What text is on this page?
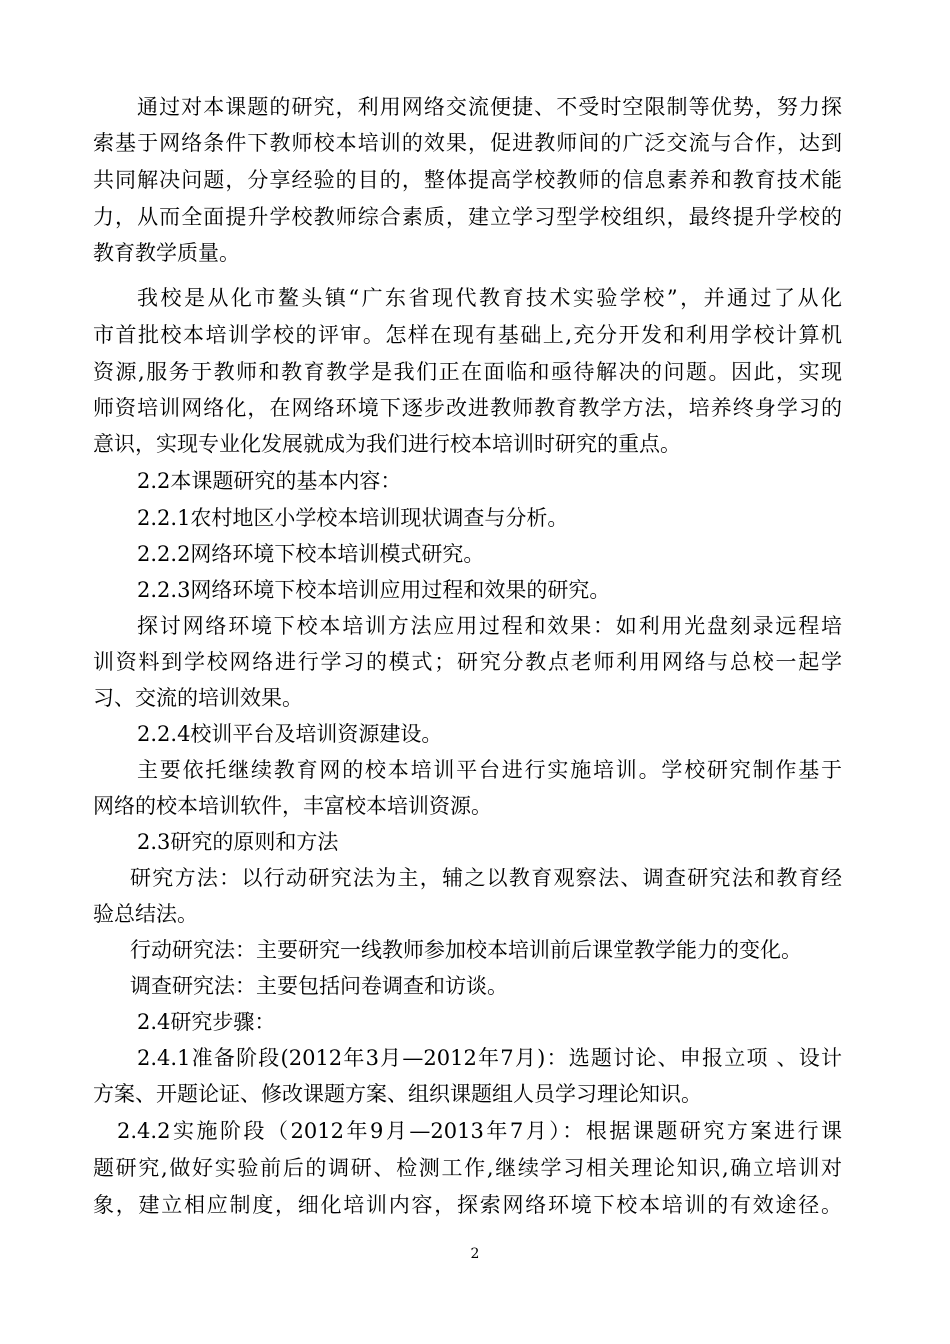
通过对本课题的研究，利用网络交流便捷、不受时空限制等优势，努力探
索基于网络条件下教师校本培训的效果，促进教师间的广泛交流与合作，达到
共同解决问题，分享经验的目的，整体提高学校教师的信息素养和教育技术能
力，从而全面提升学校教师综合素质，建立学习型学校组织，最终提升学校的
教育教学质量。
我校是从化市鳌头镇“广东省现代教育技术实验学校”，并通过了从化
市首批校本培训学校的评审。怎样在现有基础上,充分开发和利用学校计算机
资源,服务于教师和教育教学是我们正在面临和亟待解决的问题。因此，实现
师资培训网络化，在网络环境下逐步改进教师教育教学方法，培养终身学习的
意识，实现专业化发展就成为我们进行校本培训时研究的重点。
2.2本课题研究的基本内容：
2.2.1农村地区小学校本培训现状调查与分析。
2.2.2网络环境下校本培训模式研究。
2.2.3网络环境下校本培训应用过程和效果的研究。
探讨网络环境下校本培训方法应用过程和效果：如利用光盘刻录远程培
训资料到学校网络进行学习的模式；研究分教点老师利用网络与总校一起学
习、交流的培训效果。
2.2.4校训平台及培训资源建设。
主要依托继续教育网的校本培训平台进行实施培训。学校研究制作基于
网络的校本培训软件，丰富校本培训资源。
2.3研究的原则和方法
研究方法：以行动研究法为主，辅之以教育观察法、调查研究法和教育经
验总结法。
行动研究法：主要研究一线教师参加校本培训前后课堂教学能力的变化。
调查研究法：主要包括问卷调查和访谈。
2.4研究步骤：
2.4.1准备阶段(2012年3月—2012年7月)：选题讨论、申报立项 、设计
方案、开题论证、修改课题方案、组织课题组人员学习理论知识。
2.4.2实施阶段（2012年9月—2013年7月）：根据课题研究方案进行课
题研究,做好实验前后的调研、检测工作,继续学习相关理论知识,确立培训对
象，建立相应制度，细化培训内容，探索网络环境下校本培训的有效途径。
2
